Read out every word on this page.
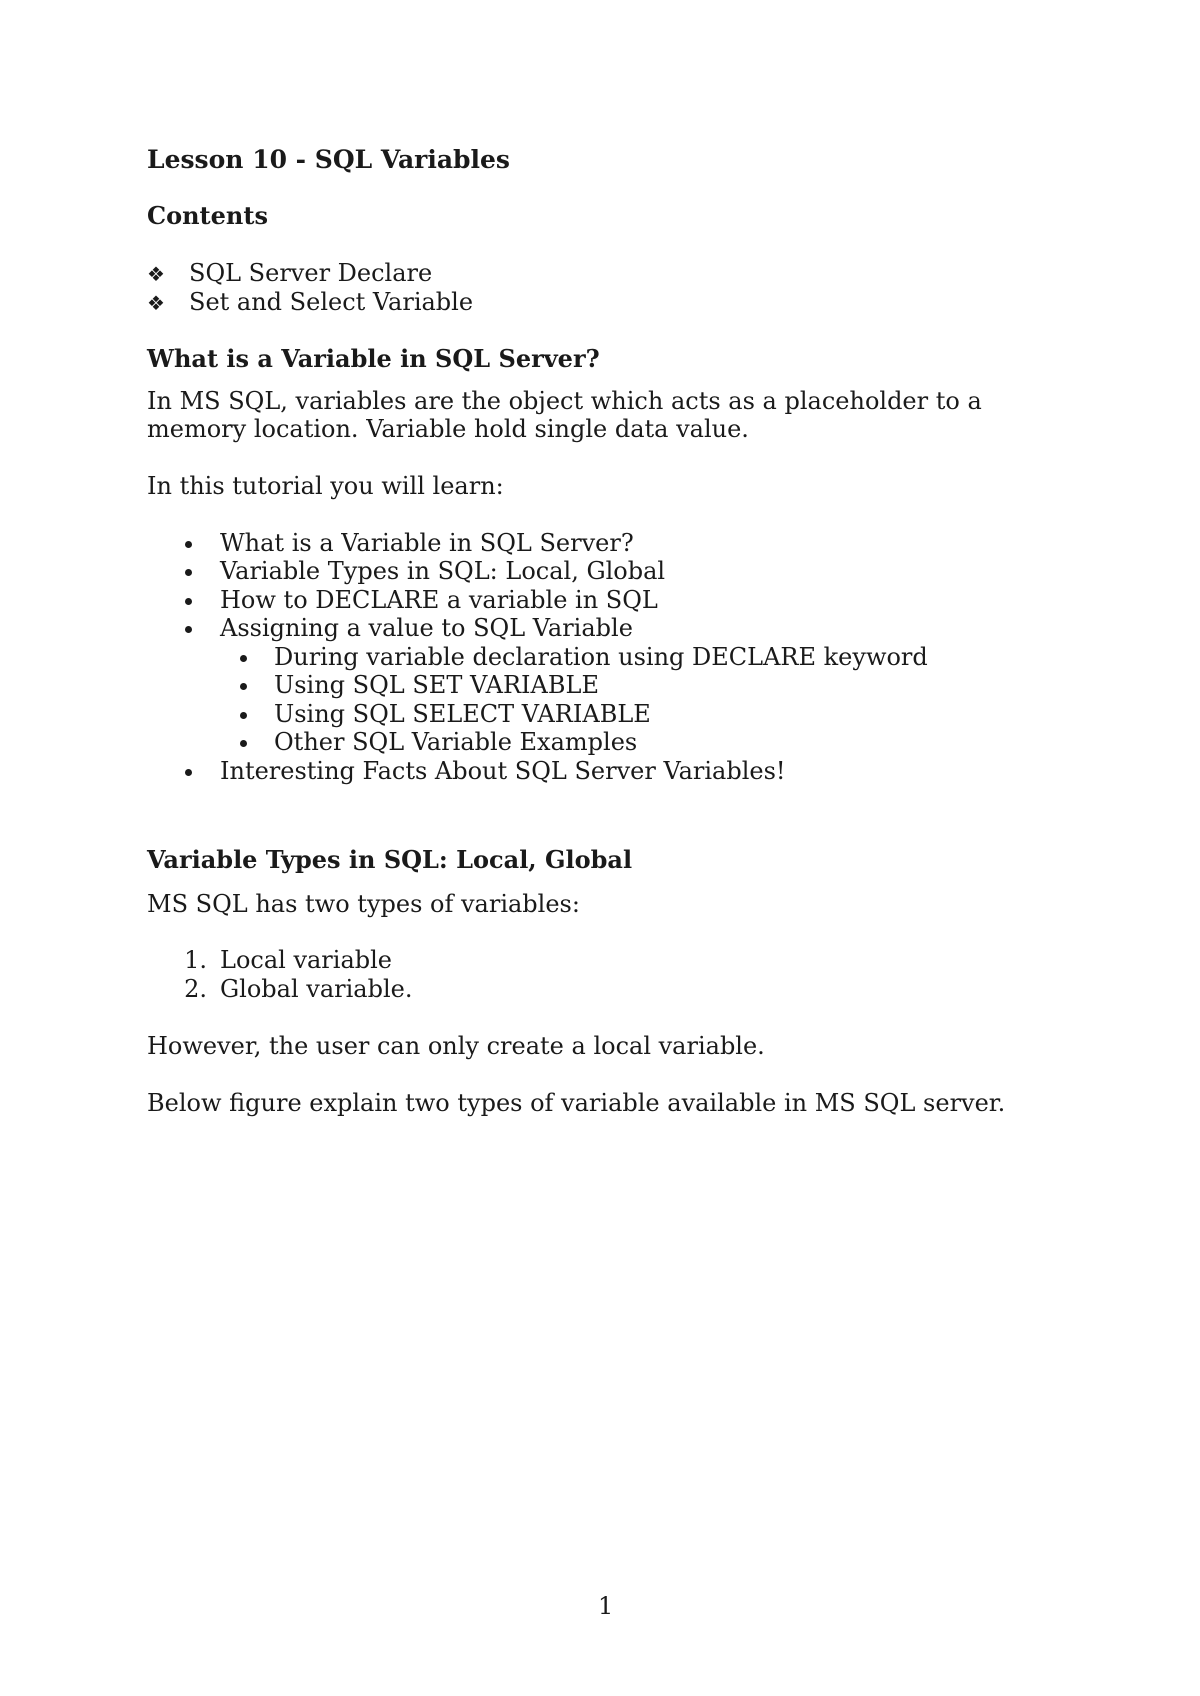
Lesson 10 - SQL Variables
Contents
❖ SQL Server Declare
❖ Set and Select Variable
What is a Variable in SQL Server?
In MS SQL, variables are the object which acts as a placeholder to a
memory location. Variable hold single data value.
In this tutorial you will learn:
What is a Variable in SQL Server?
Variable Types in SQL: Local, Global
How to DECLARE a variable in SQL
Assigning a value to SQL Variable
During variable declaration using DECLARE keyword
Using SQL SET VARIABLE
Using SQL SELECT VARIABLE
Other SQL Variable Examples
Interesting Facts About SQL Server Variables!
Variable Types in SQL: Local, Global
MS SQL has two types of variables:
1. Local variable
2. Global variable.
However, the user can only create a local variable.
Below figure explain two types of variable available in MS SQL server.
1
